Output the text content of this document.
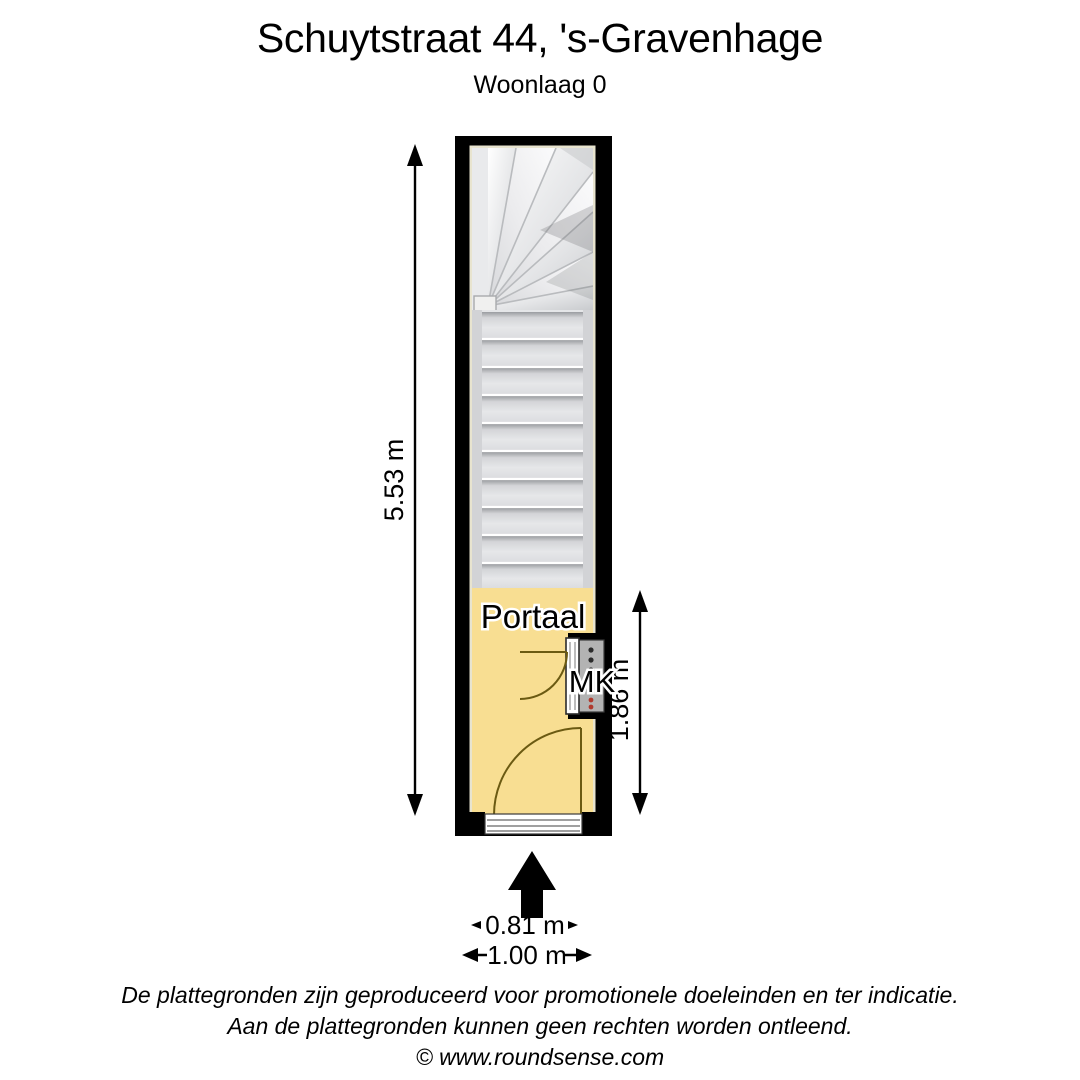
Schuytstraat 44, 's-Gravenhage
Woonlaag 0
5.53 m
1.86 m
0.81 m
1.00 m
Portaal
MK
De plattegronden zijn geproduceerd voor promotionele doeleinden en ter indicatie.
Aan de plattegronden kunnen geen rechten worden ontleend.
© www.roundsense.com
